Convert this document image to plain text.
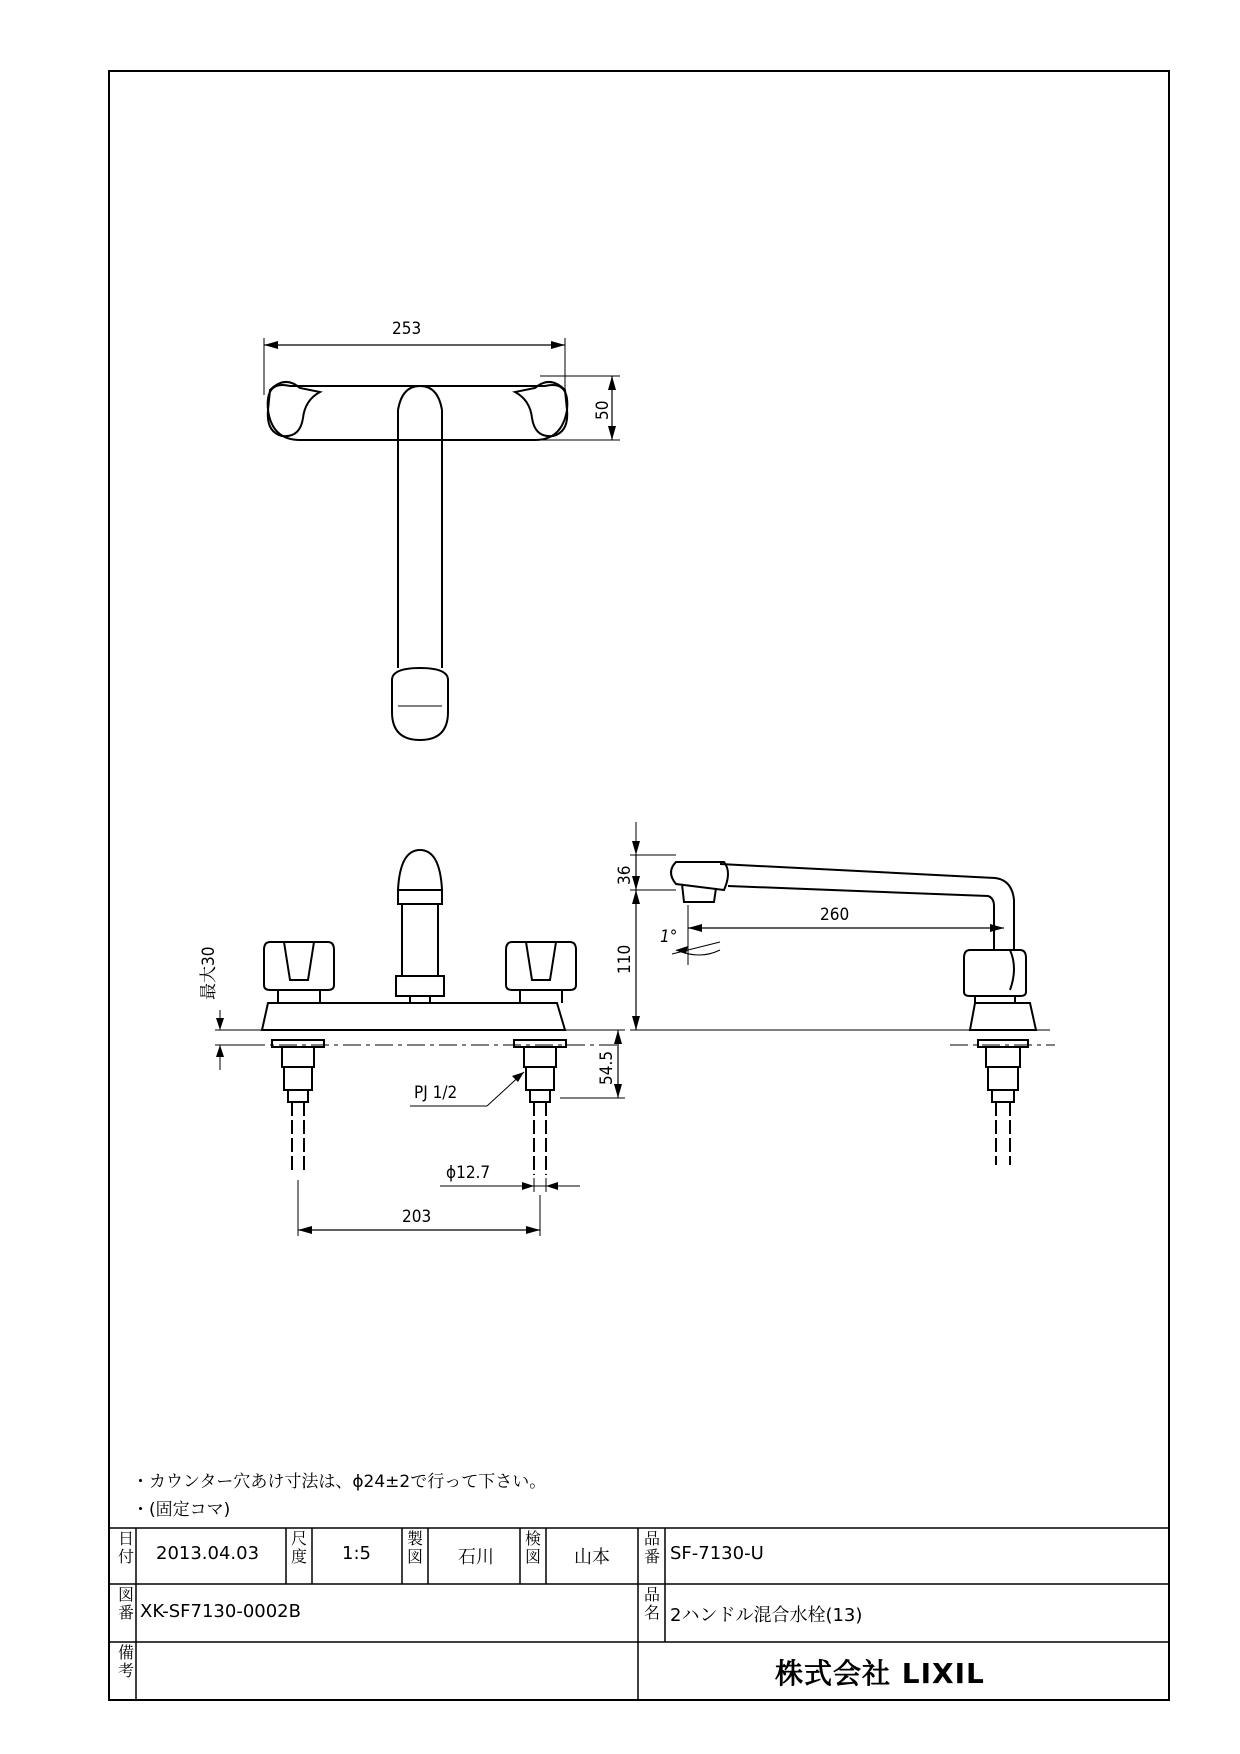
253
50
最大30
54.5
PJ 1/2
ϕ12.7
203
36
110
260
1°
・カウンター穴あけ寸法は、ϕ24±2で行って下さい。
・(固定コマ)
日付 2013.04.03
尺度 1:5
製図 石川
検図 山本
品番 SF-7130-U
図番 XK-SF7130-0002B
品名 2ハンドル混合水栓(13)
備考	株式会社 LIXIL
